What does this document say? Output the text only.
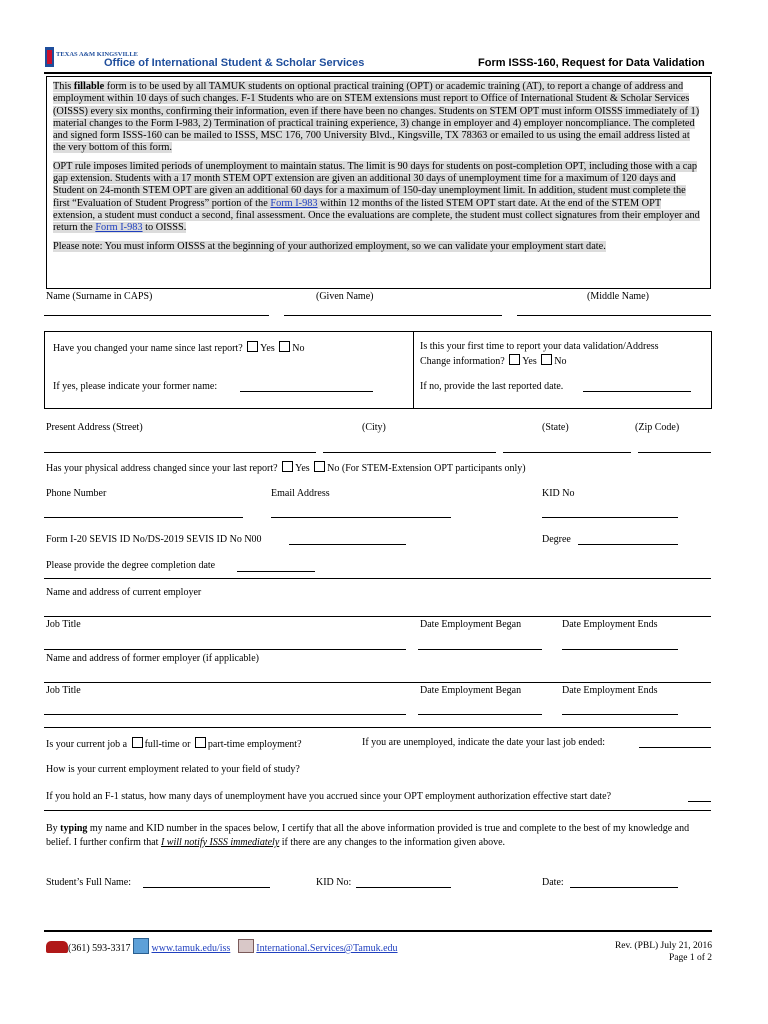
TEXAS A&M KINGSVILLE
Office of International Student & Scholar Services	Form ISSS-160, Request for Data Validation

This fillable form is to be used by all TAMUK students on optional practical training (OPT) or academic training (AT), to report a change of address and employment within 10 days of such changes. F-1 Students who are on STEM extensions must report to Office of International Student & Scholar Services (OISSS) every six months, confirming their information, even if there have been no changes. Students on STEM OPT must inform OISSS immediately of 1) material changes to the Form I-983, 2) Termination of practical training experience, 3) change in employer and 4) employer noncompliance. The completed and signed form ISSS-160 can be mailed to ISSS, MSC 176, 700 University Blvd., Kingsville, TX 78363 or emailed to us using the email address listed at the very bottom of this form.

OPT rule imposes limited periods of unemployment to maintain status. The limit is 90 days for students on post-completion OPT, including those with a cap gap extension. Students with a 17 month STEM OPT extension are given an additional 30 days of unemployment time for a maximum of 120 days and Student on 24-month STEM OPT are given an additional 60 days for a maximum of 150-day unemployment limit. In addition, student must complete the first “Evaluation of Student Progress” portion of the Form I-983 within 12 months of the listed STEM OPT start date. At the end of the STEM OPT extension, a student must conduct a second, final assessment. Once the evaluations are complete, the student must collect signatures from their employer and return the Form I-983 to OISSS.

Please note: You must inform OISSS at the beginning of your authorized employment, so we can validate your employment start date.

Name (Surname in CAPS)	(Given Name)	(Middle Name)
Have you changed your name since last report? Yes No
If yes, please indicate your former name:
Is this your first time to report your data validation/Address
Change information? Yes No
If no, provide the last reported date.
Present Address (Street)	(City)	(State)	(Zip Code)
Has your physical address changed since your last report? Yes No (For STEM-Extension OPT participants only)
Phone Number	Email Address	KID No
Form I-20 SEVIS ID No/DS-2019 SEVIS ID No N00	Degree
Please provide the degree completion date
Name and address of current employer
Job Title	Date Employment Began	Date Employment Ends
Name and address of former employer (if applicable)
Job Title	Date Employment Began	Date Employment Ends
Is your current job a full-time or part-time employment?	If you are unemployed, indicate the date your last job ended:
How is your current employment related to your field of study?
If you hold an F-1 status, how many days of unemployment have you accrued since your OPT employment authorization effective start date?
By typing my name and KID number in the spaces below, I certify that all the above information provided is true and complete to the best of my knowledge and belief. I further confirm that I will notify ISSS immediately if there are any changes to the information given above.
Student’s Full Name:	KID No:	Date:
(361) 593-3317 www.tamuk.edu/iss	International.Services@Tamuk.edu	Rev. (PBL) July 21, 2016
Page 1 of 2
